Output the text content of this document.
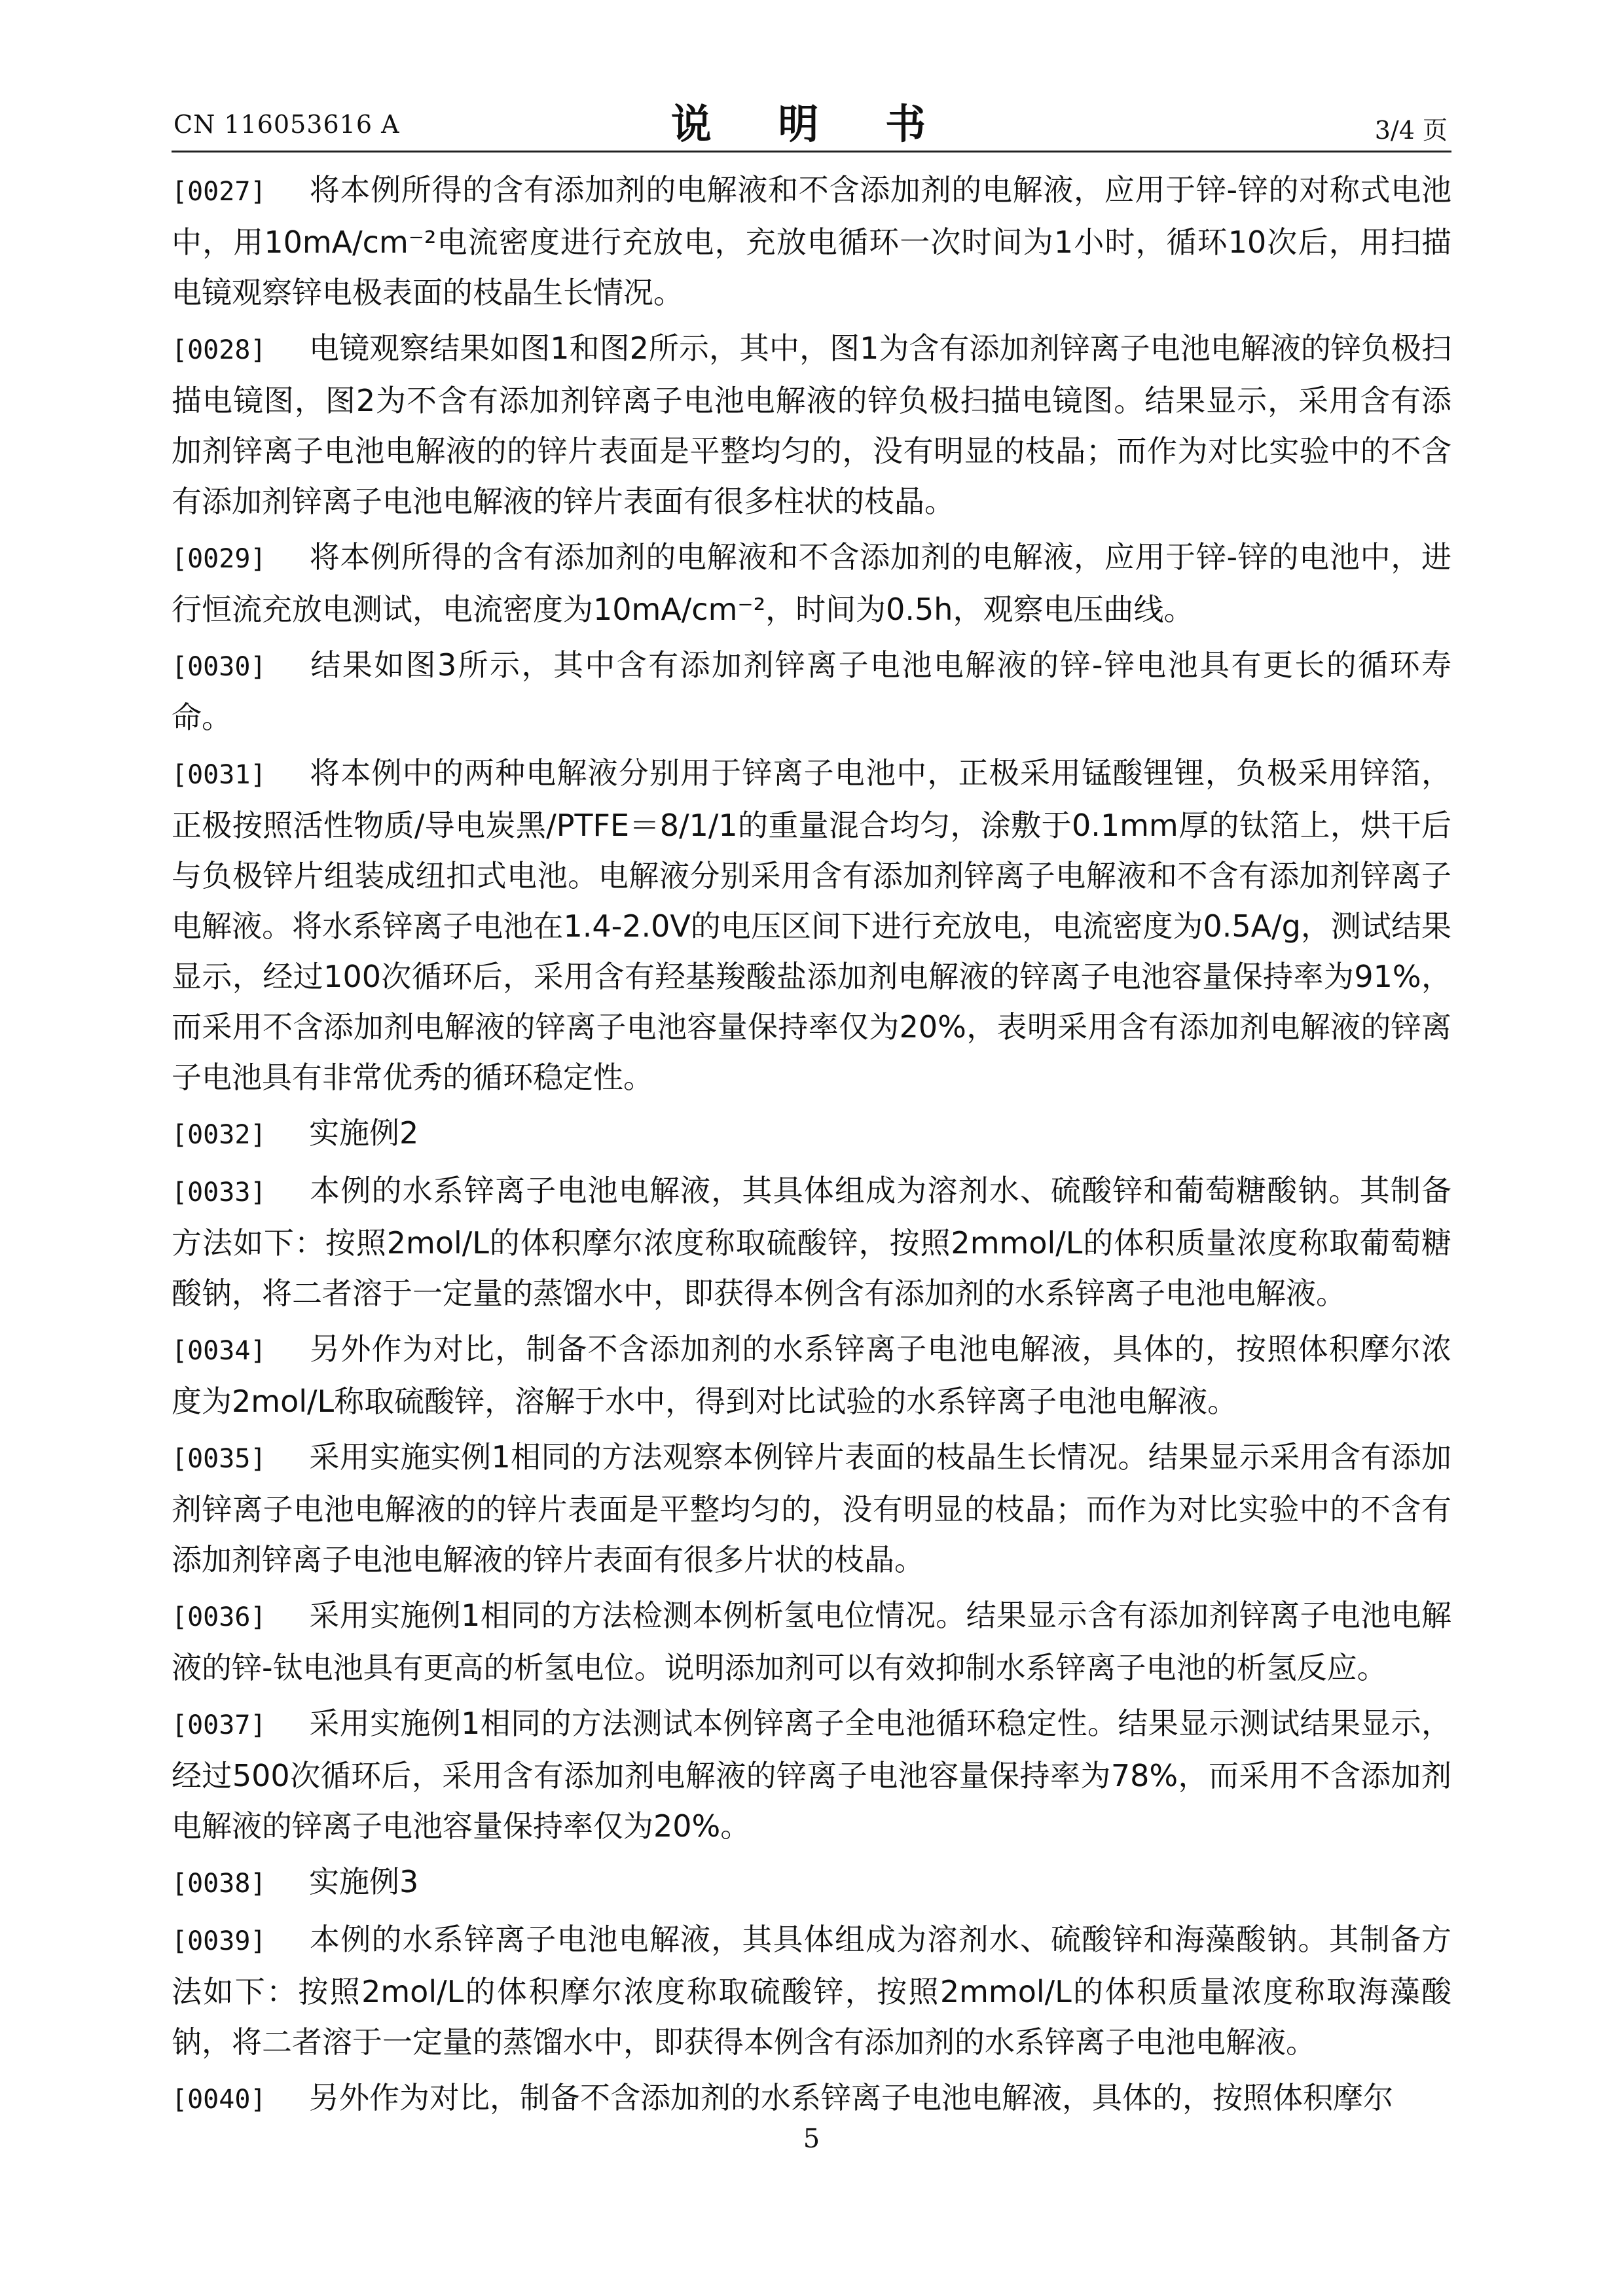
CN 116053616 A	说 明 书	3/4 页
[0027] 将本例所得的含有添加剂的电解液和不含添加剂的电解液，应用于锌-锌的对称式电池中，用10mA/cm⁻²电流密度进行充放电，充放电循环一次时间为1小时，循环10次后，用扫描电镜观察锌电极表面的枝晶生长情况。
[0028] 电镜观察结果如图1和图2所示，其中，图1为含有添加剂锌离子电池电解液的锌负极扫描电镜图，图2为不含有添加剂锌离子电池电解液的锌负极扫描电镜图。结果显示，采用含有添加剂锌离子电池电解液的的锌片表面是平整均匀的，没有明显的枝晶；而作为对比实验中的不含有添加剂锌离子电池电解液的锌片表面有很多柱状的枝晶。
[0029] 将本例所得的含有添加剂的电解液和不含添加剂的电解液，应用于锌-锌的电池中，进行恒流充放电测试，电流密度为10mA/cm⁻²，时间为0.5h，观察电压曲线。
[0030] 结果如图3所示，其中含有添加剂锌离子电池电解液的锌-锌电池具有更长的循环寿命。
[0031] 将本例中的两种电解液分别用于锌离子电池中，正极采用锰酸锂锂，负极采用锌箔，正极按照活性物质/导电炭黑/PTFE＝8/1/1的重量混合均匀，涂敷于0.1mm厚的钛箔上，烘干后与负极锌片组装成纽扣式电池。电解液分别采用含有添加剂锌离子电解液和不含有添加剂锌离子电解液。将水系锌离子电池在1.4-2.0V的电压区间下进行充放电，电流密度为0.5A/g，测试结果显示，经过100次循环后，采用含有羟基羧酸盐添加剂电解液的锌离子电池容量保持率为91%，而采用不含添加剂电解液的锌离子电池容量保持率仅为20%，表明采用含有添加剂电解液的锌离子电池具有非常优秀的循环稳定性。
[0032] 实施例2
[0033] 本例的水系锌离子电池电解液，其具体组成为溶剂水、硫酸锌和葡萄糖酸钠。其制备方法如下：按照2mol/L的体积摩尔浓度称取硫酸锌，按照2mmol/L的体积质量浓度称取葡萄糖酸钠，将二者溶于一定量的蒸馏水中，即获得本例含有添加剂的水系锌离子电池电解液。
[0034] 另外作为对比，制备不含添加剂的水系锌离子电池电解液，具体的，按照体积摩尔浓度为2mol/L称取硫酸锌，溶解于水中，得到对比试验的水系锌离子电池电解液。
[0035] 采用实施实例1相同的方法观察本例锌片表面的枝晶生长情况。结果显示采用含有添加剂锌离子电池电解液的的锌片表面是平整均匀的，没有明显的枝晶；而作为对比实验中的不含有添加剂锌离子电池电解液的锌片表面有很多片状的枝晶。
[0036] 采用实施例1相同的方法检测本例析氢电位情况。结果显示含有添加剂锌离子电池电解液的锌-钛电池具有更高的析氢电位。说明添加剂可以有效抑制水系锌离子电池的析氢反应。
[0037] 采用实施例1相同的方法测试本例锌离子全电池循环稳定性。结果显示测试结果显示，经过500次循环后，采用含有添加剂电解液的锌离子电池容量保持率为78%，而采用不含添加剂电解液的锌离子电池容量保持率仅为20%。
[0038] 实施例3
[0039] 本例的水系锌离子电池电解液，其具体组成为溶剂水、硫酸锌和海藻酸钠。其制备方法如下：按照2mol/L的体积摩尔浓度称取硫酸锌，按照2mmol/L的体积质量浓度称取海藻酸钠，将二者溶于一定量的蒸馏水中，即获得本例含有添加剂的水系锌离子电池电解液。
[0040] 另外作为对比，制备不含添加剂的水系锌离子电池电解液，具体的，按照体积摩尔
5
